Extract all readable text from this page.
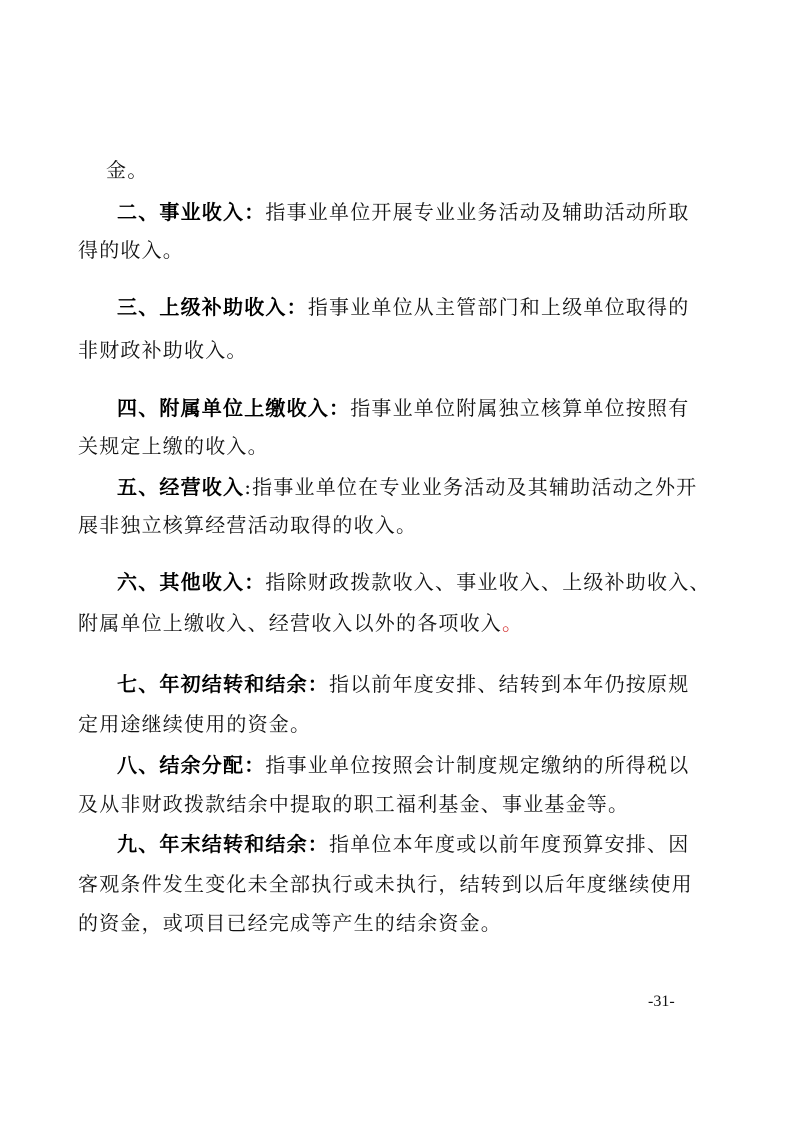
金。
二、事业收入：指事业单位开展专业业务活动及辅助活动所取
得的收入。
三、上级补助收入：指事业单位从主管部门和上级单位取得的
非财政补助收入。
四、附属单位上缴收入：指事业单位附属独立核算单位按照有
关规定上缴的收入。
五、经营收入:指事业单位在专业业务活动及其辅助活动之外开
展非独立核算经营活动取得的收入。
六、其他收入：指除财政拨款收入、事业收入、上级补助收入、
附属单位上缴收入、经营收入以外的各项收入。
七、年初结转和结余：指以前年度安排、结转到本年仍按原规
定用途继续使用的资金。
八、结余分配：指事业单位按照会计制度规定缴纳的所得税以
及从非财政拨款结余中提取的职工福利基金、事业基金等。
九、年末结转和结余：指单位本年度或以前年度预算安排、因
客观条件发生变化未全部执行或未执行，结转到以后年度继续使用
的资金，或项目已经完成等产生的结余资金。
-31-
